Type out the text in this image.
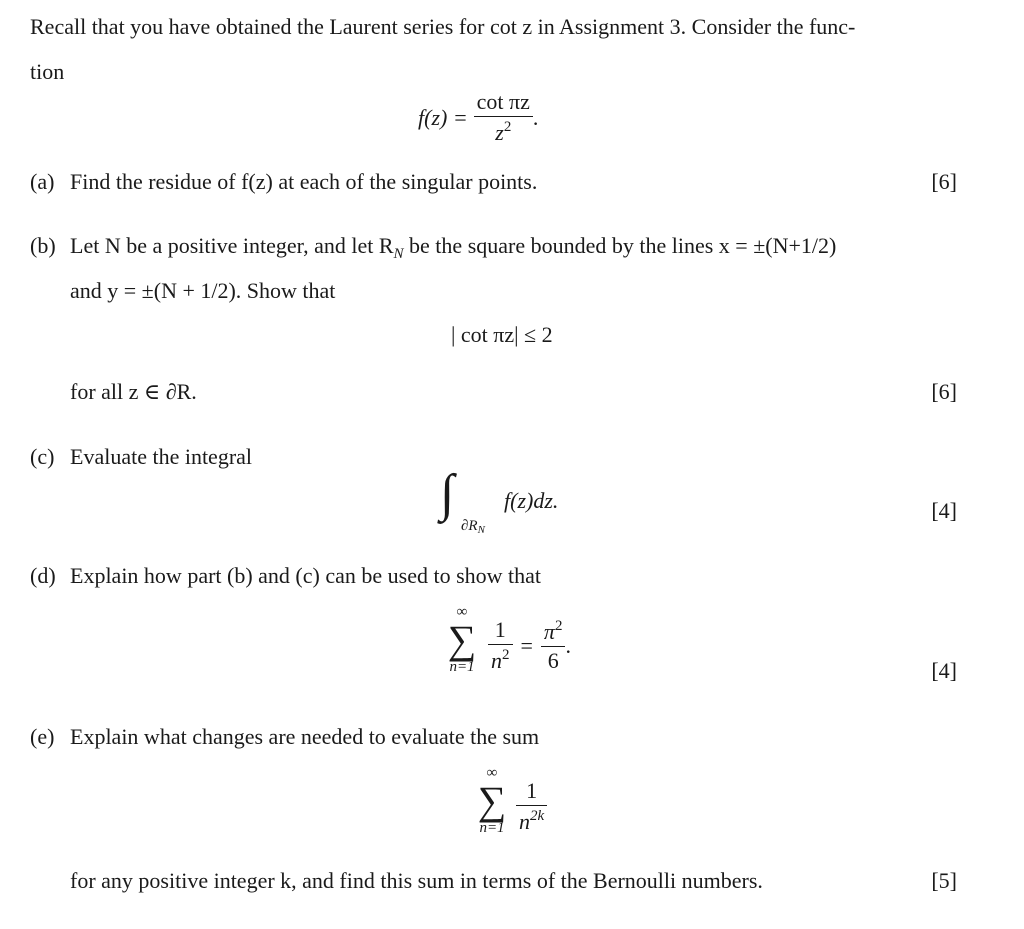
Recall that you have obtained the Laurent series for cot z in Assignment 3. Consider the func-
tion
$f(z) = \frac{\text{cot πz}}{z^2}$ .
(a) Find the residue of f(z) at each of the singular points.	[6]
(b) Let N be a positive integer, and let $R_N$ be the square bounded by the lines x = ±(N+1/2)
and y = ±(N + 1/2). Show that
| cot πz| ≤ 2
for all z ∈ ∂R.	[6]
(c) Evaluate the integral
∫
$\partial R_N$
f(z)dz.	[4]
(d) Explain how part (b) and (c) can be used to show that
∞
∑
$n=1 \frac{1}{n^2} = \frac{\pi^2}{6}$ .
[4]
(e) Explain what changes are needed to evaluate the sum
∞
∑
$n=1 \frac{1}{n^{2k}}$
for any positive integer k, and find this sum in terms of the Bernoulli numbers.	[5]
